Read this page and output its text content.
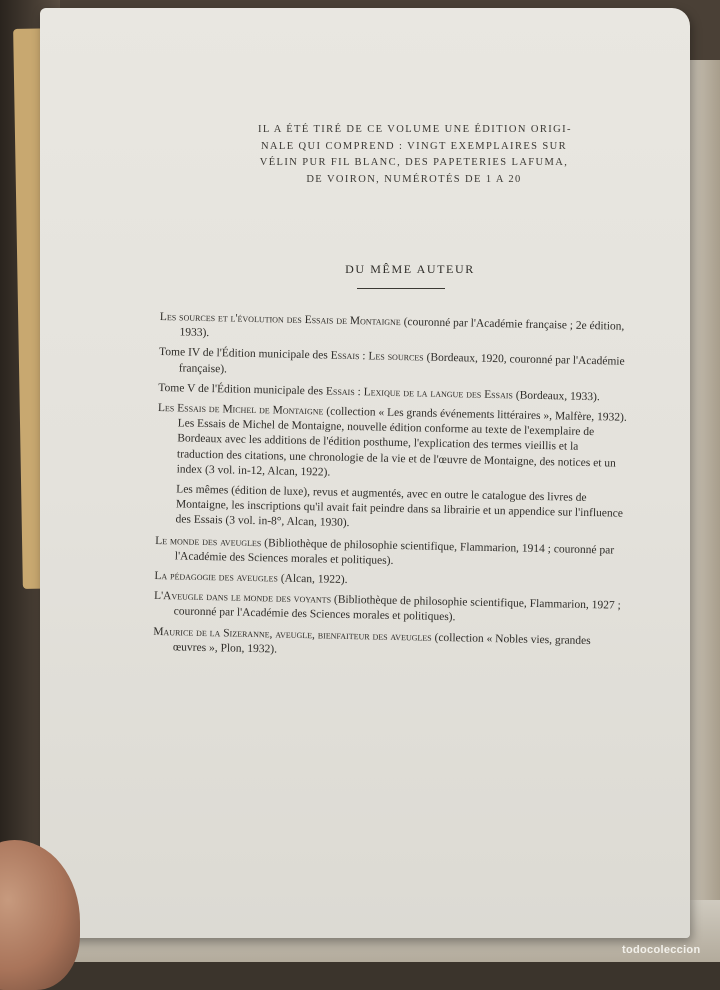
IL A ÉTÉ TIRÉ DE CE VOLUME UNE ÉDITION ORIGI-
NALE QUI COMPREND : VINGT EXEMPLAIRES SUR
VÉLIN PUR FIL BLANC, DES PAPETERIES LAFUMA,
DE VOIRON, NUMÉROTÉS DE 1 A 20
DU MÊME AUTEUR

Les sources et l'évolution des Essais de Montaigne (couronné par l'Académie française ; 2e édition, 1933).

Tome IV de l'Édition municipale des Essais : Les sources (Bordeaux, 1920, couronné par l'Académie française).

Tome V de l'Édition municipale des Essais : Lexique de la langue des Essais (Bordeaux, 1933).

Les Essais de Michel de Montaigne (collection « Les grands événements littéraires », Malfère, 1932). Les Essais de Michel de Montaigne, nouvelle édition conforme au texte de l'exemplaire de Bordeaux avec les additions de l'édition posthume, l'explication des termes vieillis et la traduction des citations, une chronologie de la vie et de l'œuvre de Montaigne, des notices et un index (3 vol. in-12, Alcan, 1922).

Les mêmes (édition de luxe), revus et augmentés, avec en outre le catalogue des livres de Montaigne, les inscriptions qu'il avait fait peindre dans sa librairie et un appendice sur l'influence des Essais (3 vol. in-8°, Alcan, 1930).

Le monde des aveugles (Bibliothèque de philosophie scientifique, Flammarion, 1914 ; couronné par l'Académie des Sciences morales et politiques).

La pédagogie des aveugles (Alcan, 1922).

L'Aveugle dans le monde des voyants (Bibliothèque de philosophie scientifique, Flammarion, 1927 ; couronné par l'Académie des Sciences morales et politiques).

Maurice de la Sizeranne, aveugle, bienfaiteur des aveugles (collection « Nobles vies, grandes œuvres », Plon, 1932).

todocoleccion
